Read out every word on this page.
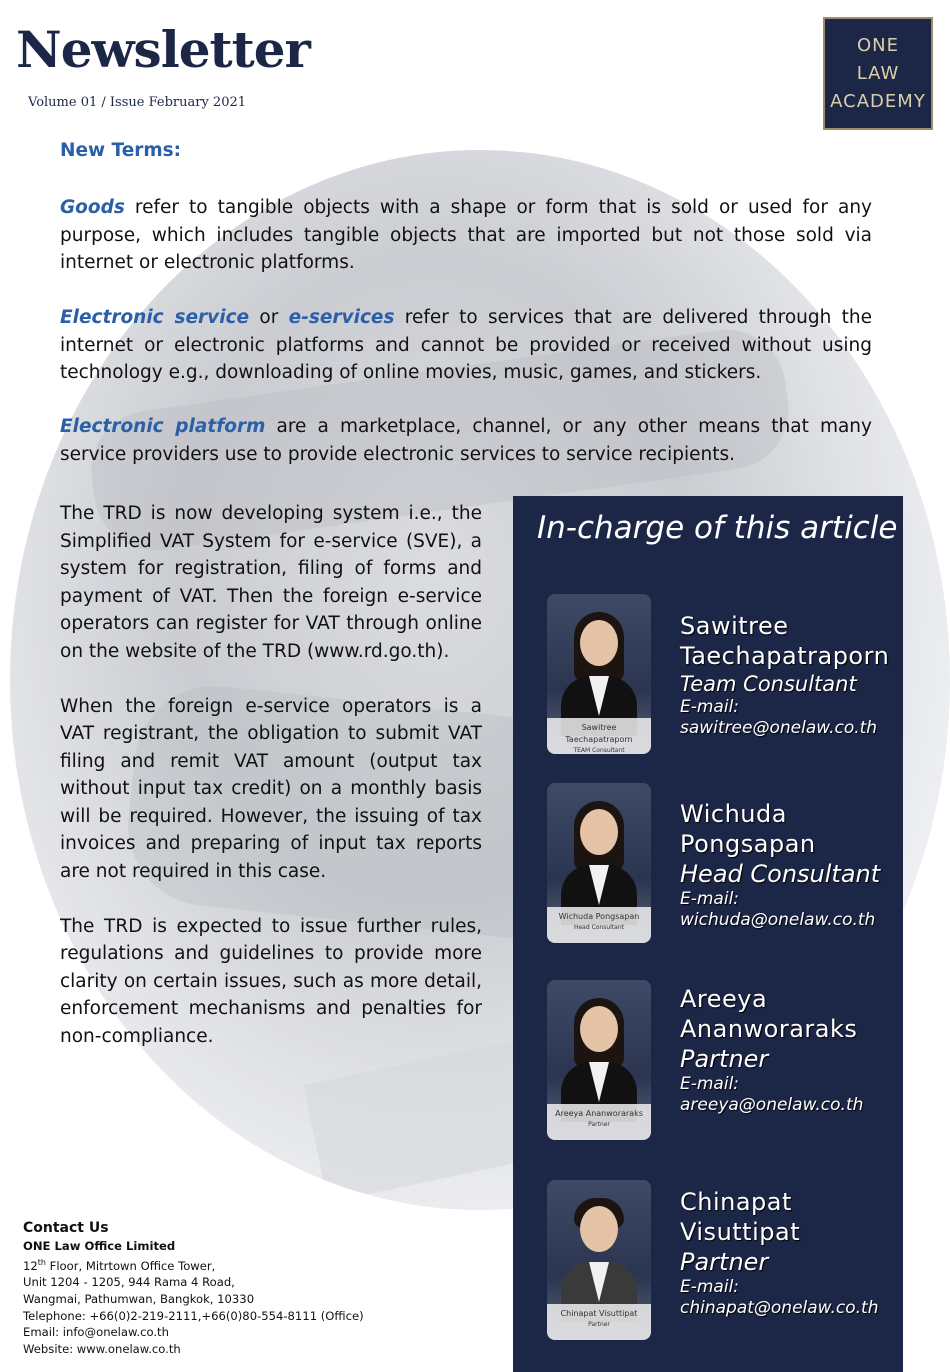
Newsletter
Volume 01 / Issue February 2021
ONE
LAW
ACADEMY
New Terms:
Goods refer to tangible objects with a shape or form that is sold or used for any purpose, which includes tangible objects that are imported but not those sold via internet or electronic platforms.
Electronic service or e-services refer to services that are delivered through the internet or electronic platforms and cannot be provided or received without using technology e.g., downloading of online movies, music, games, and stickers.
Electronic platform are a marketplace, channel, or any other means that many service providers use to provide electronic services to service recipients.

The TRD is now developing system i.e., the Simplified VAT System for e-service (SVE), a system for registration, filing of forms and payment of VAT. Then the foreign e-service operators can register for VAT through online on the website of the TRD (www.rd.go.th).

When the foreign e-service operators is a VAT registrant, the obligation to submit VAT filing and remit VAT amount (output tax without input tax credit) on a monthly basis will be required. However, the issuing of tax invoices and preparing of input tax reports are not required in this case.

The TRD is expected to issue further rules, regulations and guidelines to provide more clarity on certain issues, such as more detail, enforcement mechanisms and penalties for non-compliance.

In-charge of this article
Sawitree Taechapatraporn
TEAM Consultant
Sawitree
Taechapatraporn
Team Consultant
E-mail:
sawitree@onelaw.co.th
Wichuda Pongsapan
Head Consultant
Wichuda
Pongsapan
Head Consultant
E-mail:
wichuda@onelaw.co.th
Areeya Ananworaraks
Partner
Areeya
Ananworaraks
Partner
E-mail:
areeya@onelaw.co.th
Chinapat Visuttipat
Partner
Chinapat
Visuttipat
Partner
E-mail:
chinapat@onelaw.co.th
Contact Us
ONE Law Office Limited
12th Floor, Mitrtown Office Tower,
Unit 1204 - 1205, 944 Rama 4 Road,
Wangmai, Pathumwan, Bangkok, 10330
Telephone: +66(0)2-219-2111,+66(0)80-554-8111 (Office)
Email: info@onelaw.co.th
Website: www.onelaw.co.th
